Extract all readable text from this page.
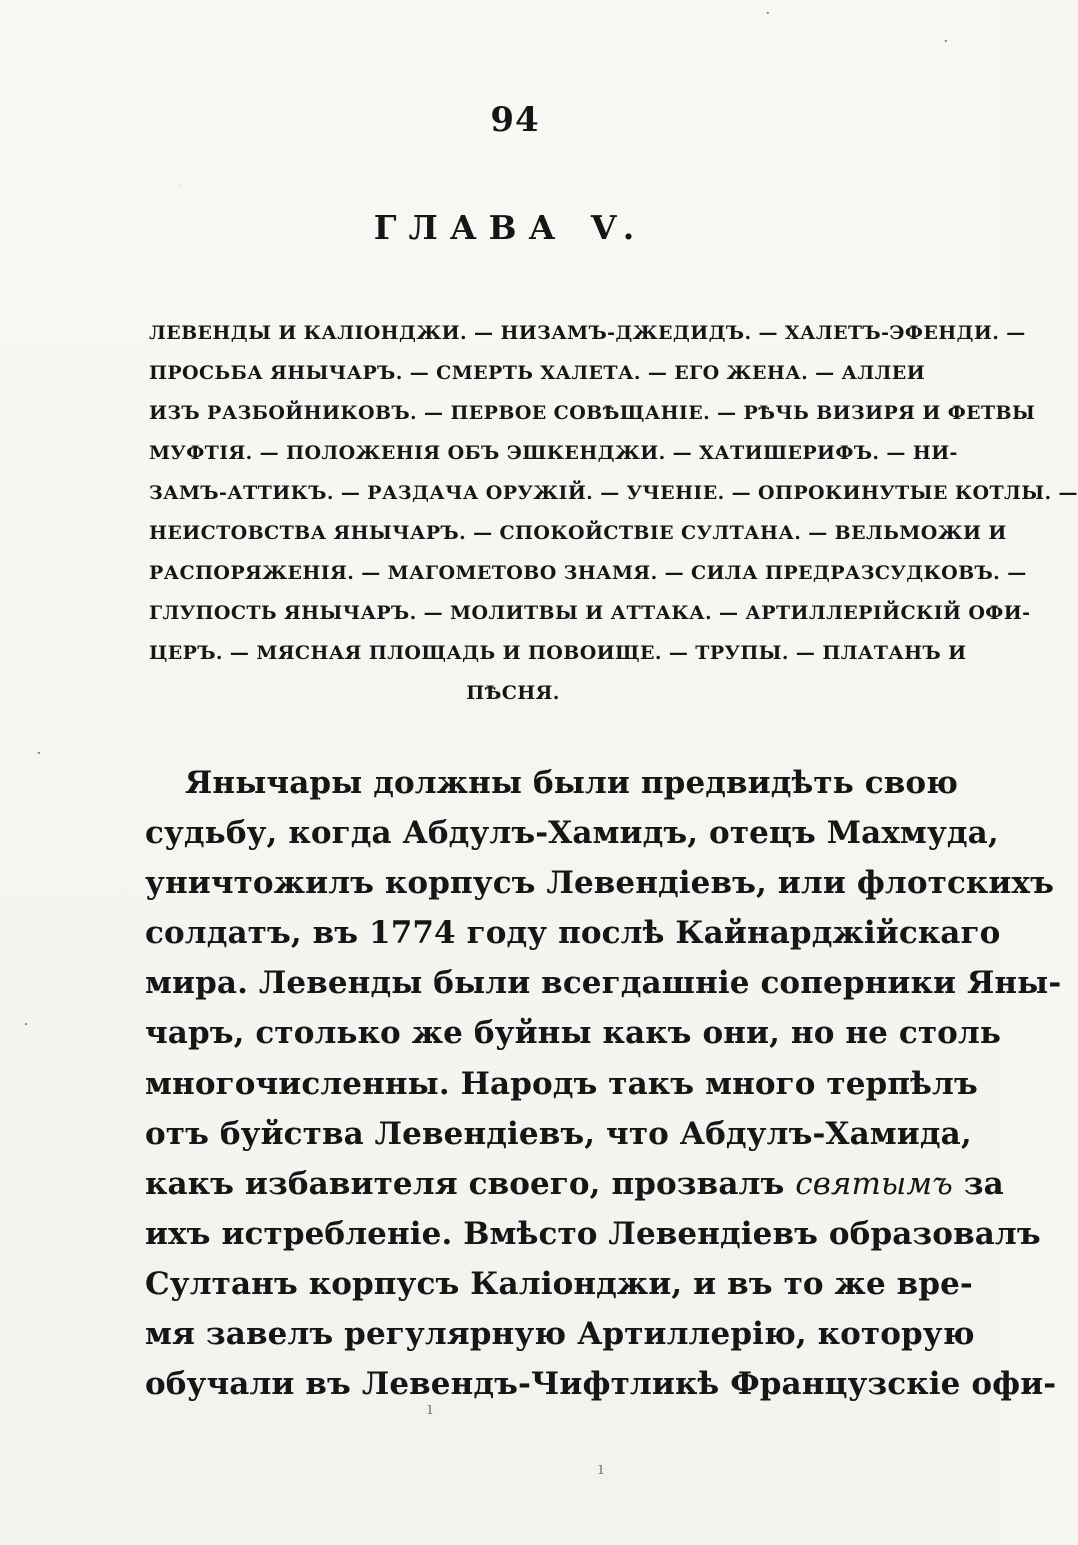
·
.
ı
ı
·
·
94
ГЛАВА V.
ЛЕВЕНДЫ И КАЛІОНДЖИ. — НИЗАМЪ-ДЖЕДИДЪ. — ХАЛЕТЪ-ЭФЕНДИ. —
ПРОСЬБА ЯНЫЧАРЪ. — СМЕРТЬ ХАЛЕТА. — ЕГО ЖЕНА. — АЛЛЕИ
ИЗЪ РАЗБОЙНИКОВЪ. — ПЕРВОЕ СОВѢЩАНІЕ. — РѢЧЬ ВИЗИРЯ И ФЕТВЫ
МУФТІЯ. — ПОЛОЖЕНІЯ ОБЪ ЭШКЕНДЖИ. — ХАТИШЕРИФЪ. — НИ-
ЗАМЪ-АТТИКЪ. — РАЗДАЧА ОРУЖІЙ. — УЧЕНІЕ. — ОПРОКИНУТЫЕ КОТЛЫ. —
НЕИСТОВСТВА ЯНЫЧАРЪ. — СПОКОЙСТВІЕ СУЛТАНА. — ВЕЛЬМОЖИ И
РАСПОРЯЖЕНІЯ. — МАГОМЕТОВО ЗНАМЯ. — СИЛА ПРЕДРАЗСУДКОВЪ. —
ГЛУПОСТЬ ЯНЫЧАРЪ. — МОЛИТВЫ И АТТАКА. — АРТИЛЛЕРІЙСКІЙ ОФИ-
ЦЕРЪ. — МЯСНАЯ ПЛОЩАДЬ И ПОВОИЩЕ. — ТРУПЫ. — ПЛАТАНЪ И
ПѢСНЯ.
Янычары должны были предвидѣть свою
судьбу, когда Абдулъ-Хамидъ, отецъ Махмуда,
уничтожилъ корпусъ Левендіевъ, или флотскихъ
солдатъ, въ 1774 году послѣ Кайнарджійскаго
мира. Левенды были всегдашніе соперники Яны-
чаръ, столько же буйны какъ они, но не столь
многочисленны. Народъ такъ много терпѣлъ
отъ буйства Левендіевъ, что Абдулъ-Хамида,
какъ избавителя своего, прозвалъ святымъ за
ихъ истребленіе. Вмѣсто Левендіевъ образовалъ
Султанъ корпусъ Каліонджи, и въ то же вре-
мя завелъ регулярную Артиллерію, которую
обучали въ Левендъ-Чифтликѣ Французскіе офи-
